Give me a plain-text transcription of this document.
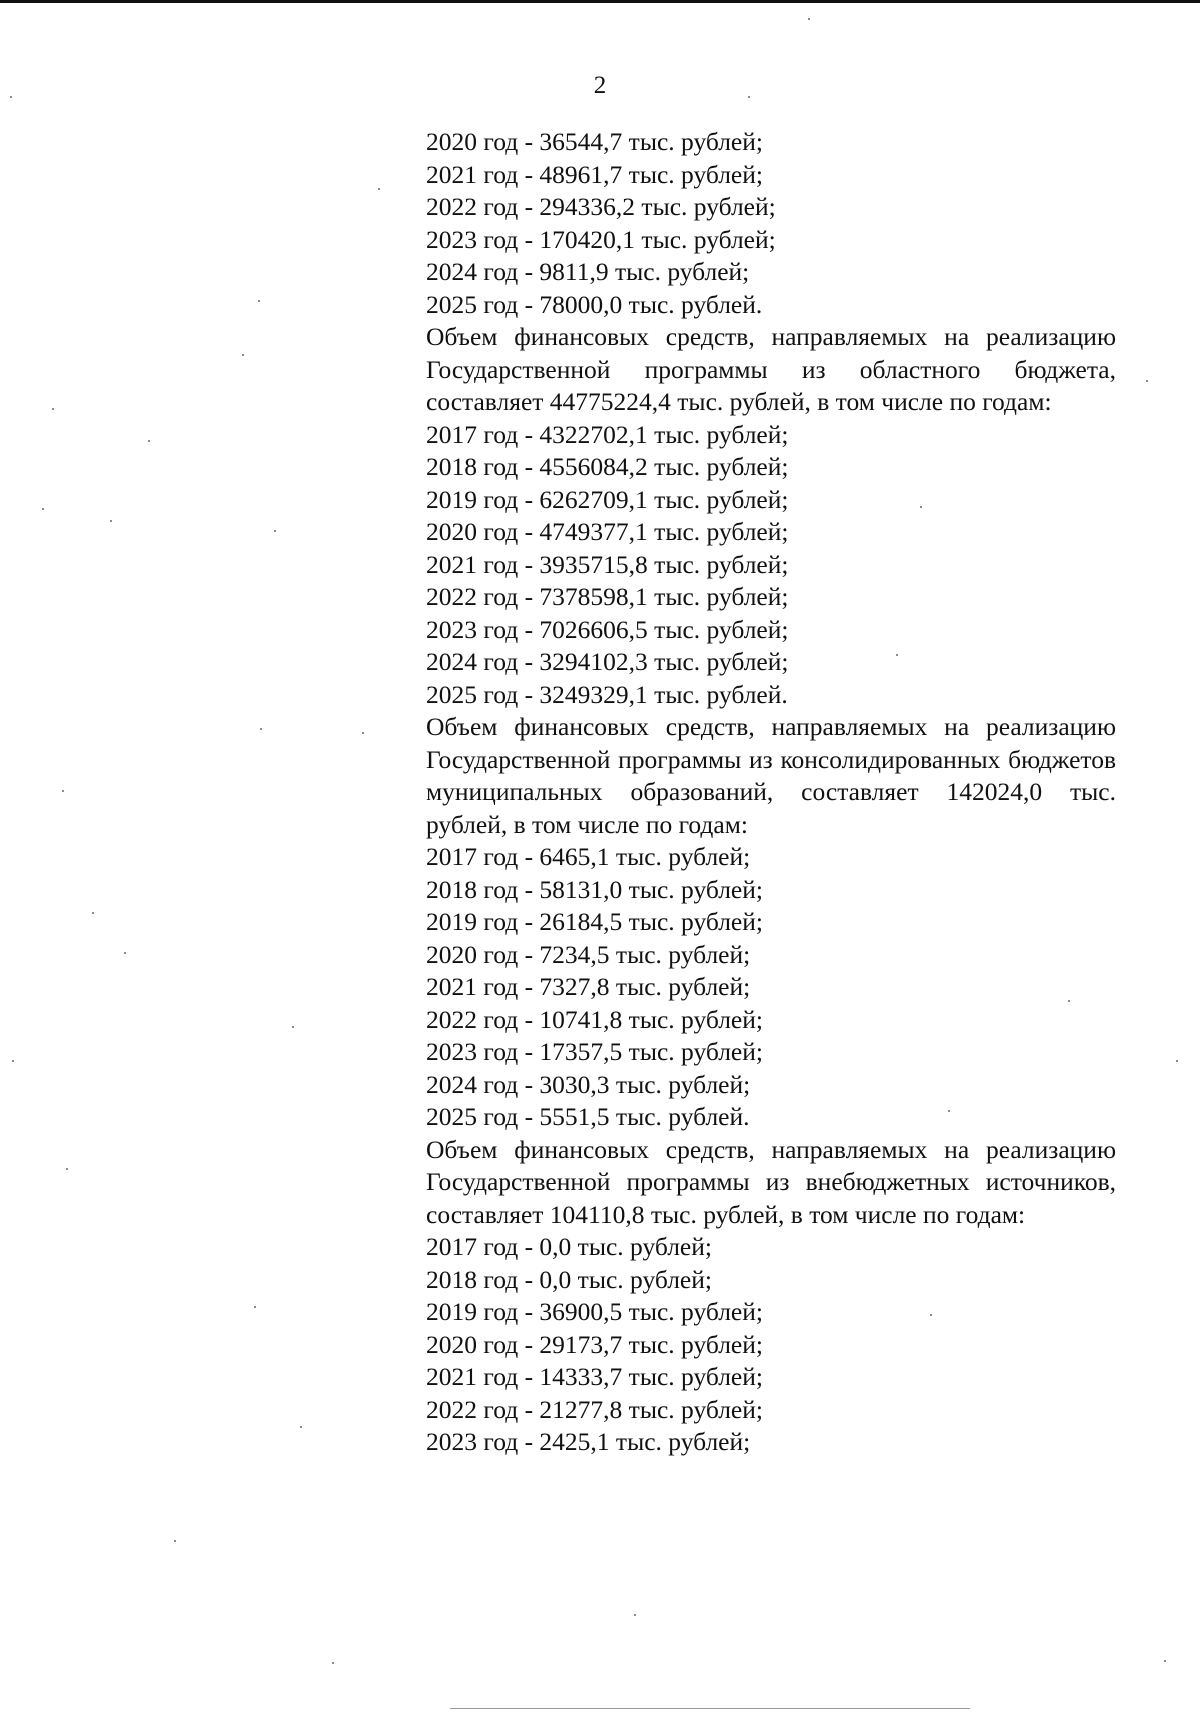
2

2020 год - 36544,7 тыс. рублей;

2021 год - 48961,7 тыс. рублей;

2022 год - 294336,2 тыс. рублей;

2023 год - 170420,1 тыс. рублей;

2024 год - 9811,9 тыс. рублей;

2025 год - 78000,0 тыс. рублей.

Объем финансовых средств, направляемых на реализацию Государственной программы из областного бюджета, составляет 44775224,4 тыс. рублей, в том числе по годам:

2017 год - 4322702,1 тыс. рублей;

2018 год - 4556084,2 тыс. рублей;

2019 год - 6262709,1 тыс. рублей;

2020 год - 4749377,1 тыс. рублей;

2021 год - 3935715,8 тыс. рублей;

2022 год - 7378598,1 тыс. рублей;

2023 год - 7026606,5 тыс. рублей;

2024 год - 3294102,3 тыс. рублей;

2025 год - 3249329,1 тыс. рублей.

Объем финансовых средств, направляемых на реализацию Государственной программы из консолидированных бюджетов муниципальных образований, составляет 142024,0 тыс. рублей, в том числе по годам:

2017 год - 6465,1 тыс. рублей;

2018 год - 58131,0 тыс. рублей;

2019 год - 26184,5 тыс. рублей;

2020 год - 7234,5 тыс. рублей;

2021 год - 7327,8 тыс. рублей;

2022 год - 10741,8 тыс. рублей;

2023 год - 17357,5 тыс. рублей;

2024 год - 3030,3 тыс. рублей;

2025 год - 5551,5 тыс. рублей.

Объем финансовых средств, направляемых на реализацию Государственной программы из внебюджетных источников, составляет 104110,8 тыс. рублей, в том числе по годам:

2017 год - 0,0 тыс. рублей;

2018 год - 0,0 тыс. рублей;

2019 год - 36900,5 тыс. рублей;

2020 год - 29173,7 тыс. рублей;

2021 год - 14333,7 тыс. рублей;

2022 год - 21277,8 тыс. рублей;

2023 год - 2425,1 тыс. рублей;
